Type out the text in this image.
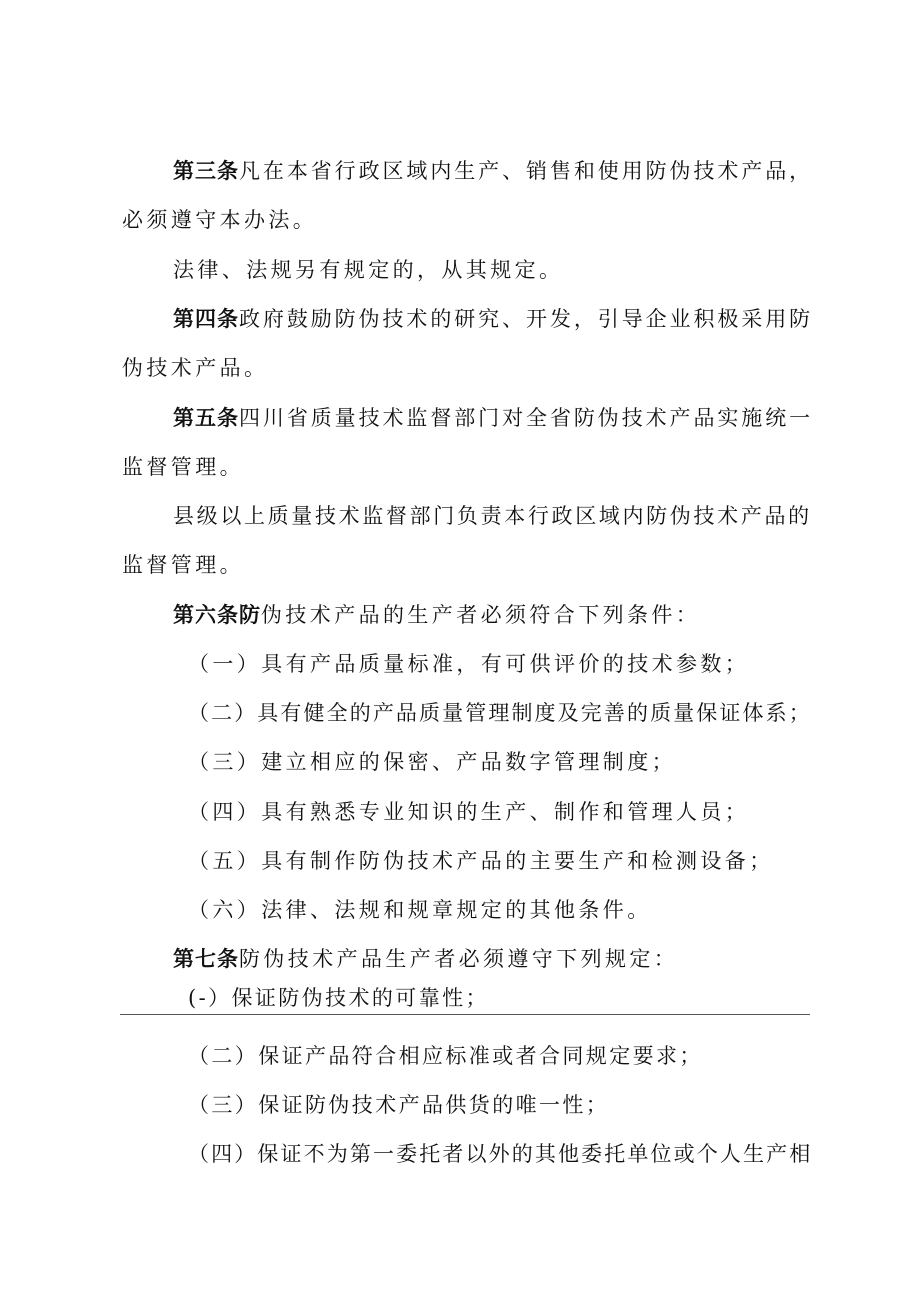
第三条凡在本省行政区域内生产、销售和使用防伪技术产品，
必须遵守本办法。
法律、法规另有规定的，从其规定。
第四条政府鼓励防伪技术的研究、开发，引导企业积极采用防
伪技术产品。
第五条四川省质量技术监督部门对全省防伪技术产品实施统一
监督管理。
县级以上质量技术监督部门负责本行政区域内防伪技术产品的
监督管理。
第六条防伪技术产品的生产者必须符合下列条件：
（一）具有产品质量标准，有可供评价的技术参数；
（二）具有健全的产品质量管理制度及完善的质量保证体系；
（三）建立相应的保密、产品数字管理制度；
（四）具有熟悉专业知识的生产、制作和管理人员；
（五）具有制作防伪技术产品的主要生产和检测设备；
（六）法律、法规和规章规定的其他条件。
第七条防伪技术产品生产者必须遵守下列规定：
(-）保证防伪技术的可靠性；
（二）保证产品符合相应标准或者合同规定要求；
（三）保证防伪技术产品供货的唯一性；
（四）保证不为第一委托者以外的其他委托单位或个人生产相
